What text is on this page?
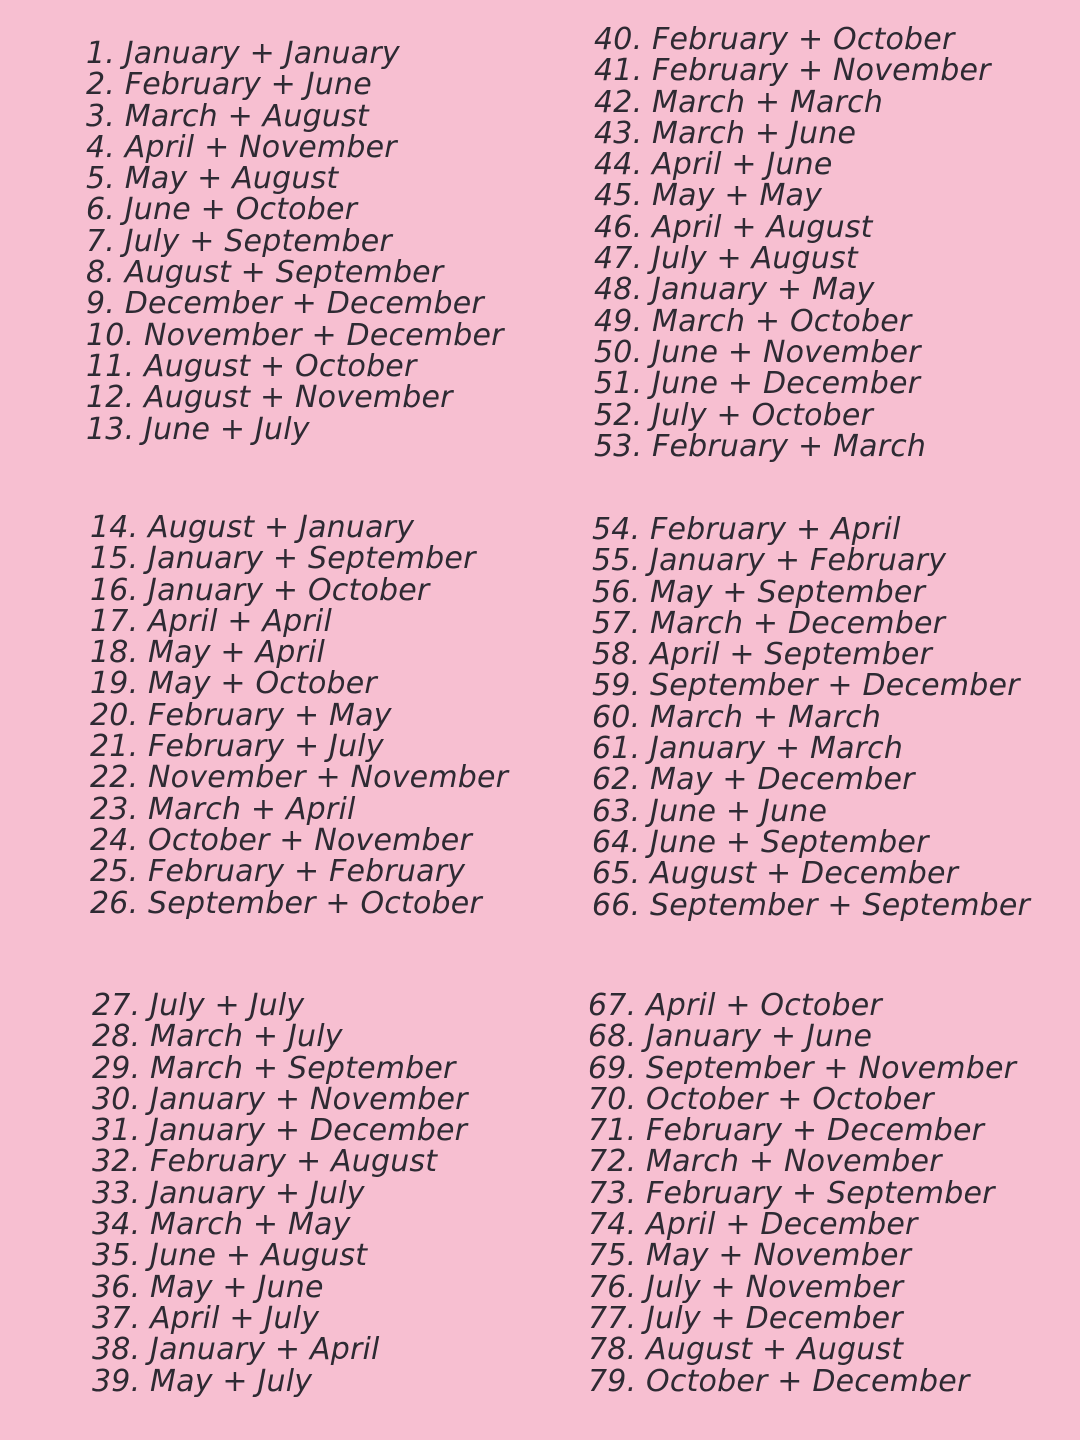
1. January + January
2. February + June
3. March + August
4. April + November
5. May + August
6. June + October
7. July + September
8. August + September
9. December + December
10. November + December
11. August + October
12. August + November
13. June + July
14. August + January
15. January + September
16. January + October
17. April + April
18. May + April
19. May + October
20. February + May
21. February + July
22. November + November
23. March + April
24. October + November
25. February + February
26. September + October
27. July + July
28. March + July
29. March + September
30. January + November
31. January + December
32. February + August
33. January + July
34. March + May
35. June + August
36. May + June
37. April + July
38. January + April
39. May + July
40. February + October
41. February + November
42. March + March
43. March + June
44. April + June
45. May + May
46. April + August
47. July + August
48. January + May
49. March + October
50. June + November
51. June + December
52. July + October
53. February + March
54. February + April
55. January + February
56. May + September
57. March + December
58. April + September
59. September + December
60. March + March
61. January + March
62. May + December
63. June + June
64. June + September
65. August + December
66. September + September
67. April + October
68. January + June
69. September + November
70. October + October
71. February + December
72. March + November
73. February + September
74. April + December
75. May + November
76. July + November
77. July + December
78. August + August
79. October + December
